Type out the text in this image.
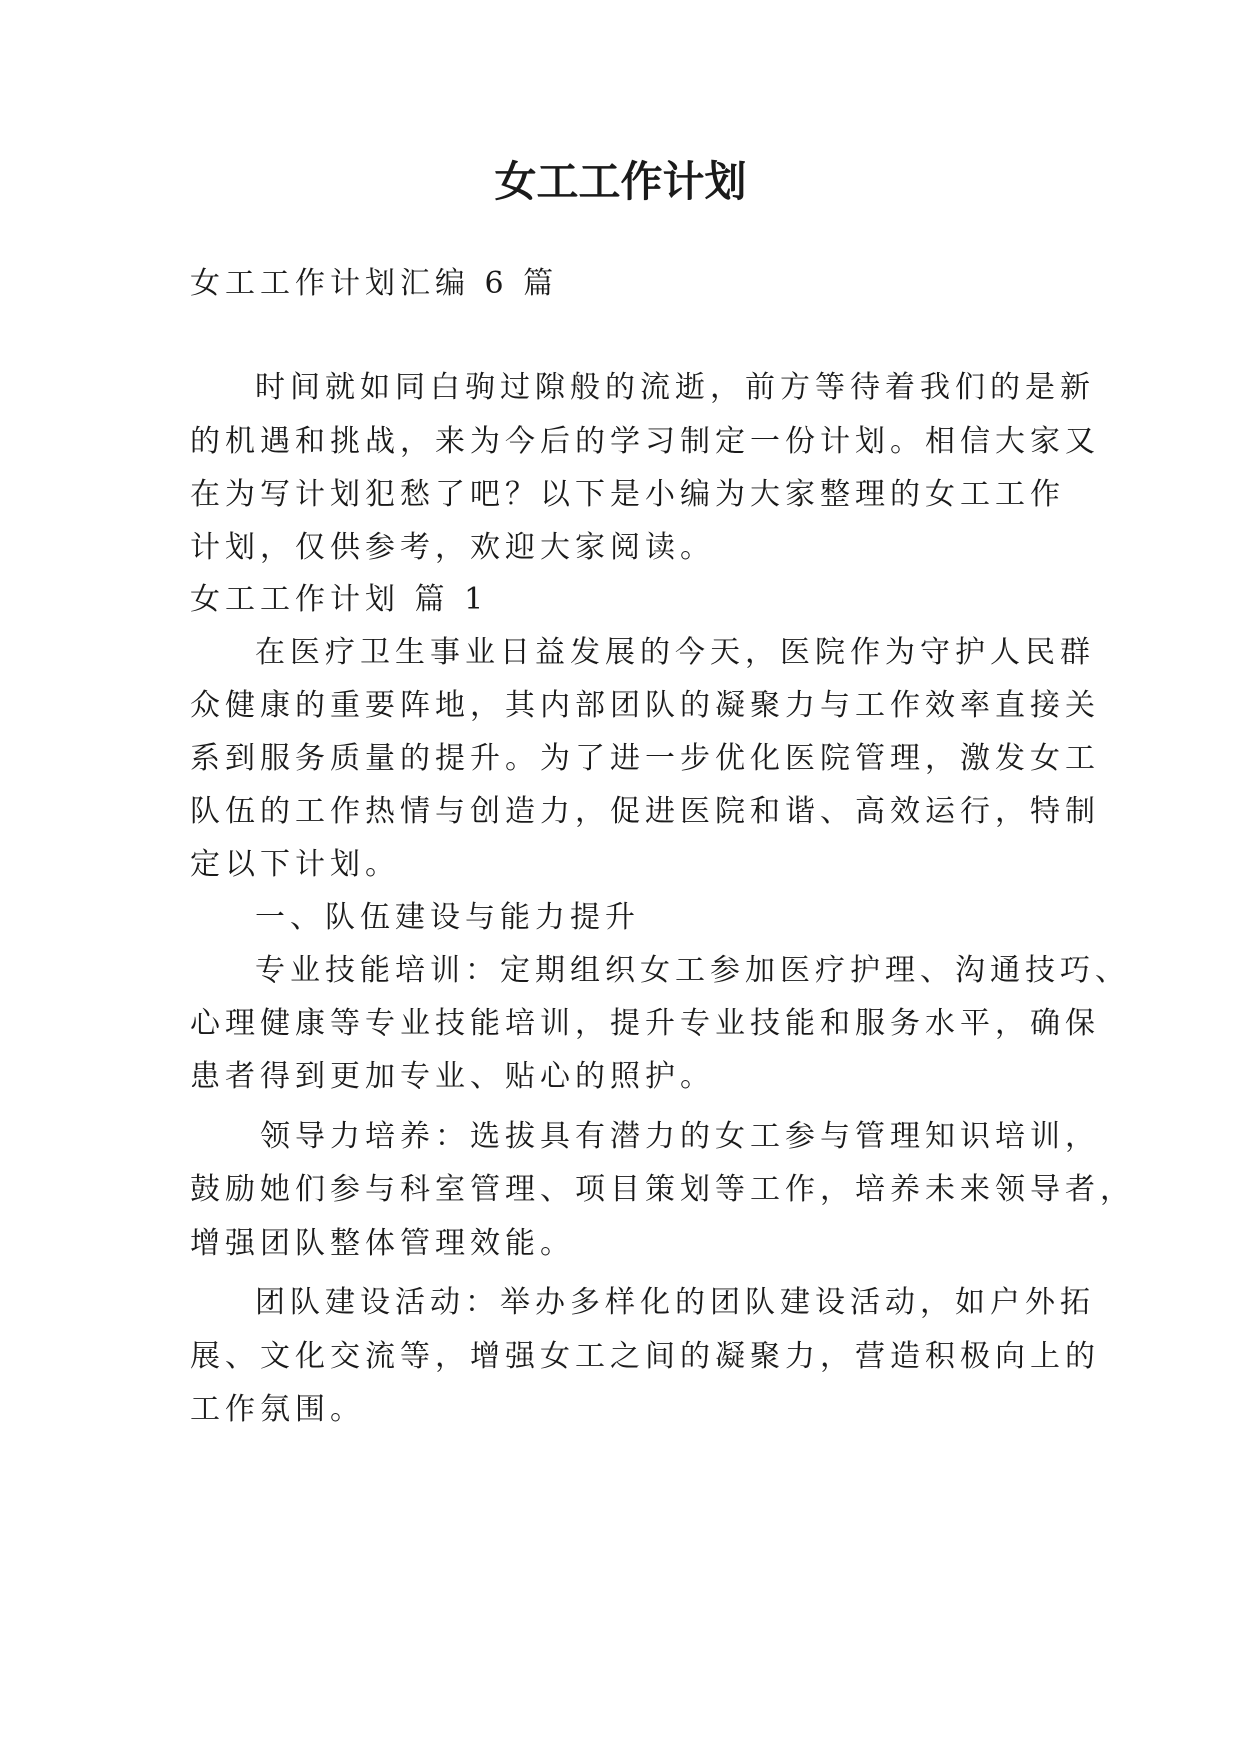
女工工作计划
女工工作计划汇编 6 篇
时间就如同白驹过隙般的流逝，前方等待着我们的是新
的机遇和挑战，来为今后的学习制定一份计划。相信大家又
在为写计划犯愁了吧？以下是小编为大家整理的女工工作
计划，仅供参考，欢迎大家阅读。
女工工作计划 篇 1
在医疗卫生事业日益发展的今天，医院作为守护人民群
众健康的重要阵地，其内部团队的凝聚力与工作效率直接关
系到服务质量的提升。为了进一步优化医院管理，激发女工
队伍的工作热情与创造力，促进医院和谐、高效运行，特制
定以下计划。
一、队伍建设与能力提升
专业技能培训：定期组织女工参加医疗护理、沟通技巧、
心理健康等专业技能培训，提升专业技能和服务水平，确保
患者得到更加专业、贴心的照护。
领导力培养：选拔具有潜力的女工参与管理知识培训，
鼓励她们参与科室管理、项目策划等工作，培养未来领导者，
增强团队整体管理效能。
团队建设活动：举办多样化的团队建设活动，如户外拓
展、文化交流等，增强女工之间的凝聚力，营造积极向上的
工作氛围。
